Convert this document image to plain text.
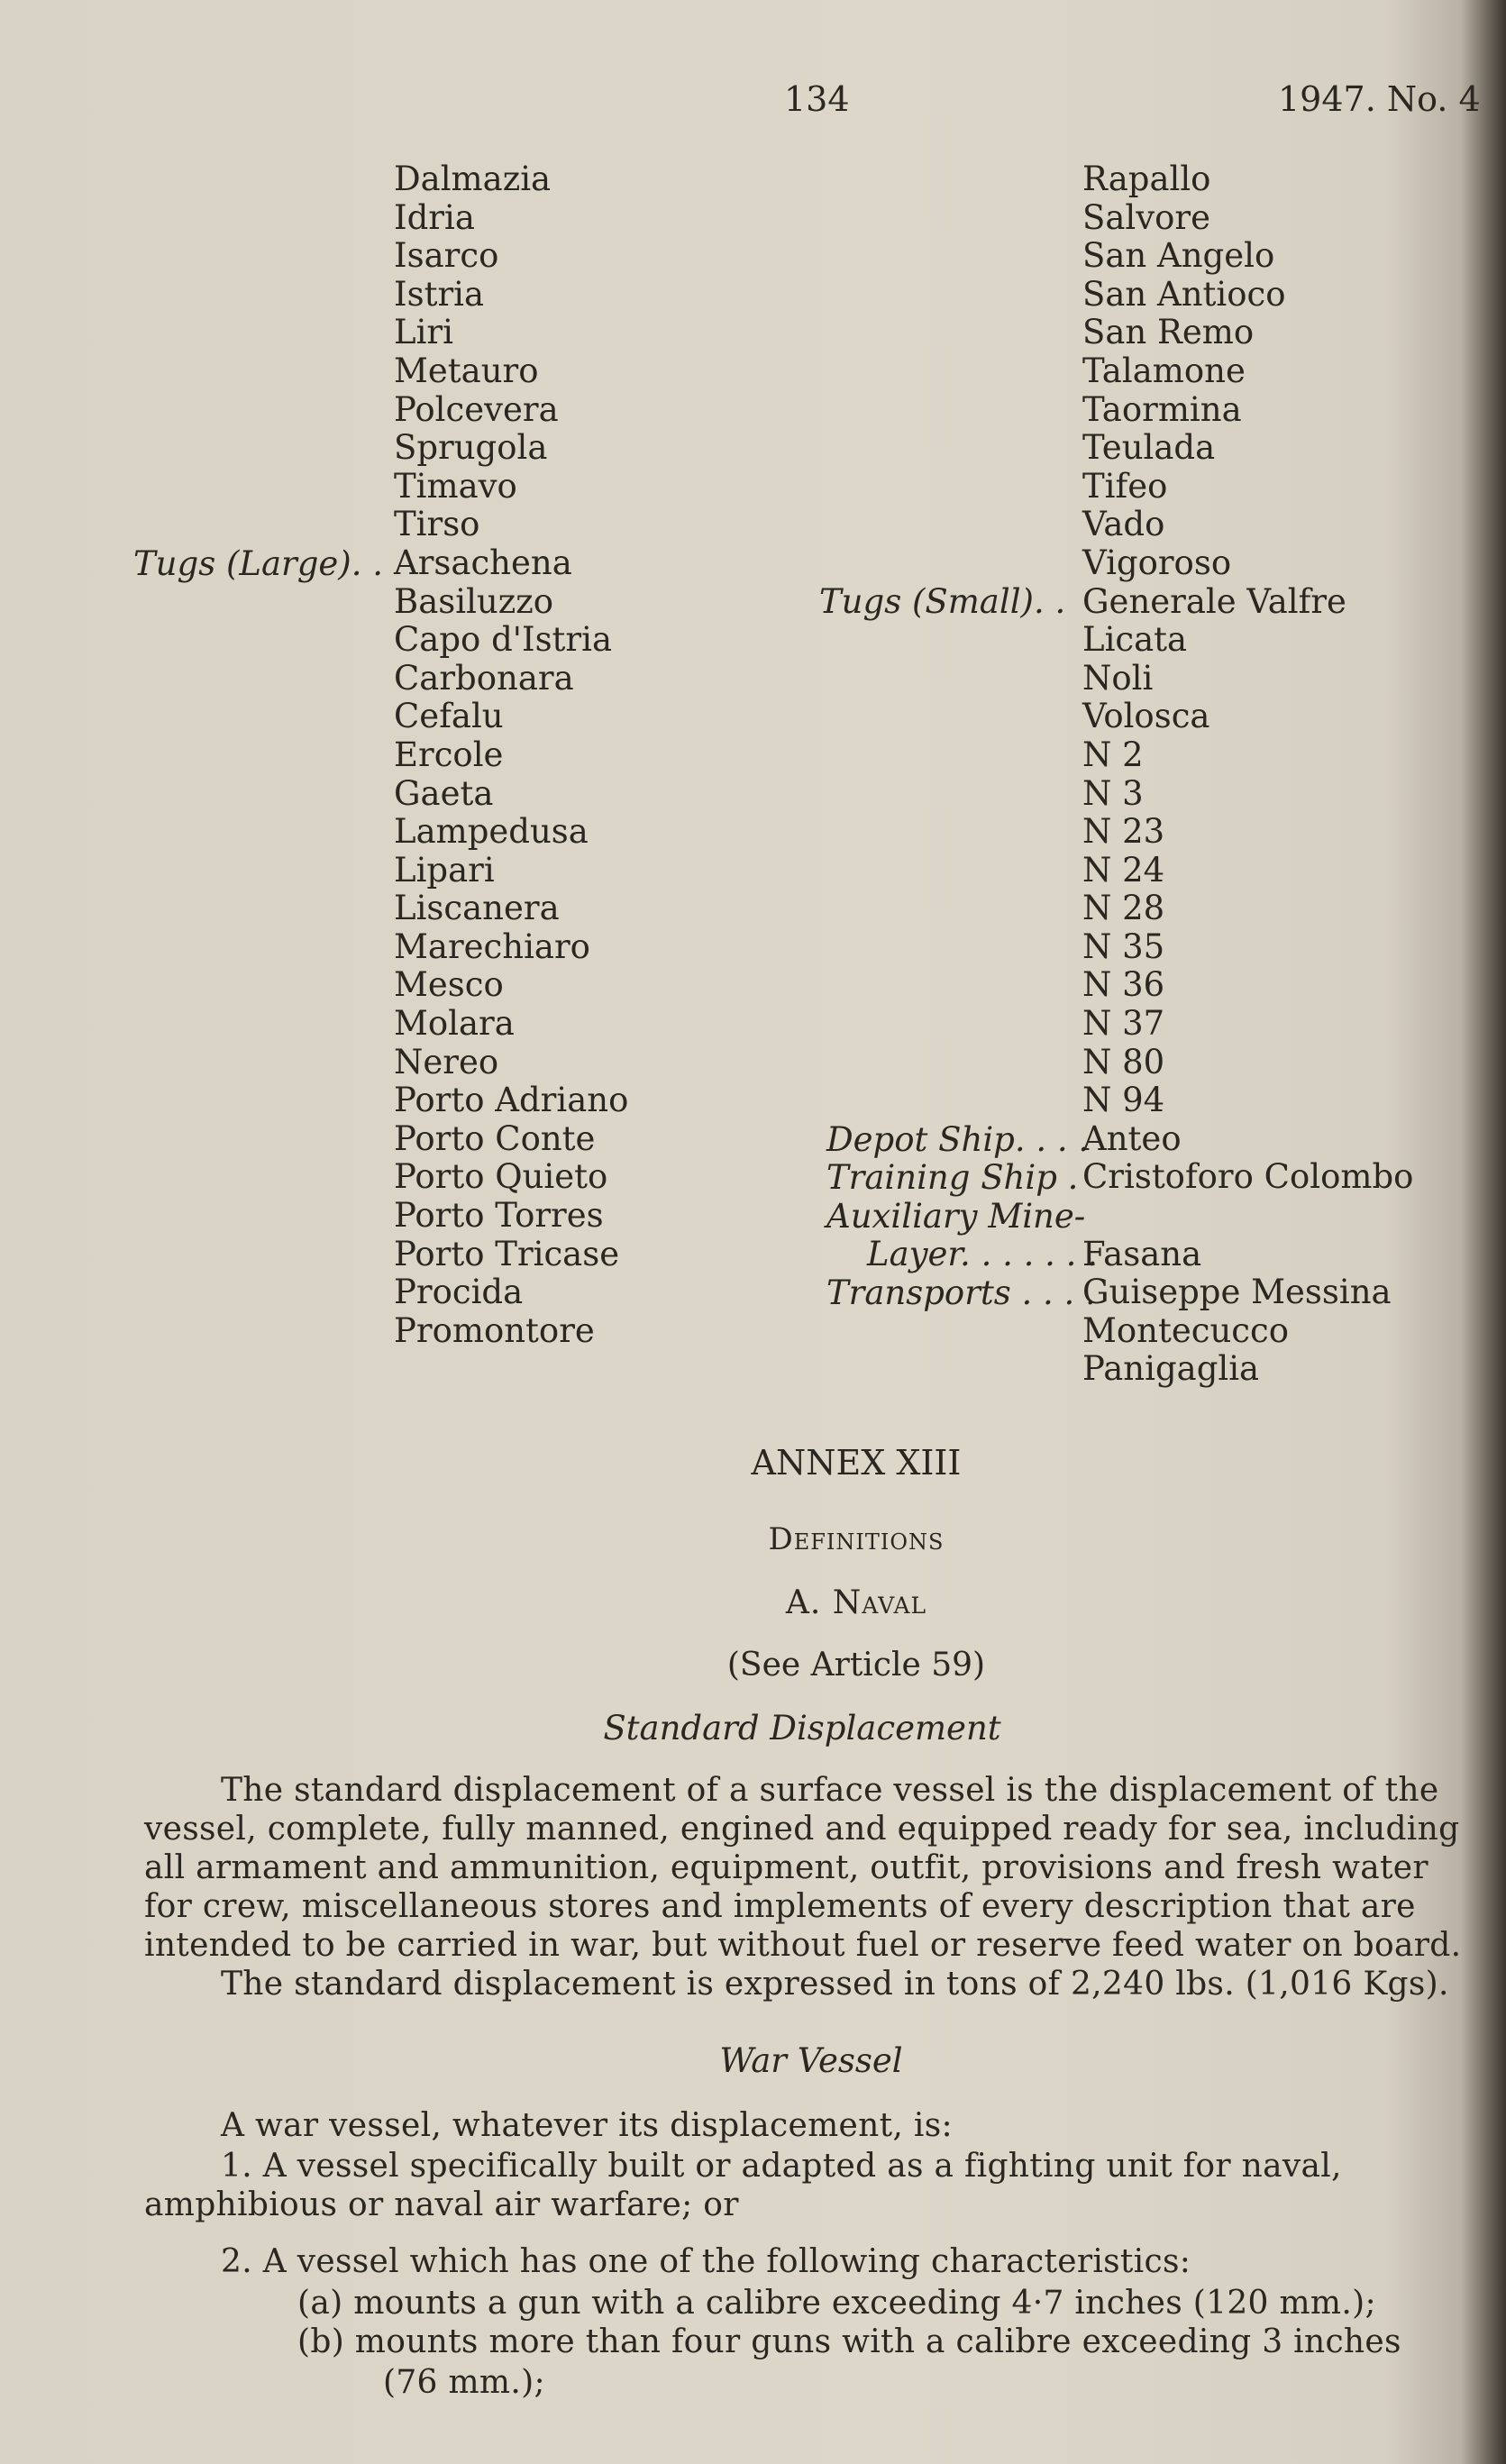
134	1947. No. 4
Dalmazia
Idria
Isarco
Istria
Liri
Metauro
Polcevera
Sprugola
Timavo
Tirso
Arsachena
Basiluzzo
Capo d'Istria
Carbonara
Cefalu
Ercole
Gaeta
Lampedusa
Lipari
Liscanera
Marechiaro
Mesco
Molara
Nereo
Porto Adriano
Porto Conte
Porto Quieto
Porto Torres
Porto Tricase
Procida
Promontore
Tugs (Large). .
Rapallo
Salvore
San Angelo
San Antioco
San Remo
Talamone
Taormina
Teulada
Tifeo
Vado
Vigoroso
Generale Valfre
Licata
Noli
Volosca
N 2
N 3
N 23
N 24
N 28
N 35
N 36
N 37
N 80
N 94
Anteo
Cristoforo Colombo

Fasana
Guiseppe Messina
Montecucco
Panigaglia
Tugs (Small). .
Depot Ship. . . .
Training Ship .
Auxiliary Mine-
Layer. . . . . . .
Transports . . . .
ANNEX XIII
Definitions
A. Naval
(See Article 59)
Standard Displacement
The standard displacement of a surface vessel is the displacement of the
vessel, complete, fully manned, engined and equipped ready for sea, including
all armament and ammunition, equipment, outfit, provisions and fresh water
for crew, miscellaneous stores and implements of every description that are
intended to be carried in war, but without fuel or reserve feed water on board.
The standard displacement is expressed in tons of 2,240 lbs. (1,016 Kgs).
War Vessel
A war vessel, whatever its displacement, is:
1. A vessel specifically built or adapted as a fighting unit for naval,
amphibious or naval air warfare; or
2. A vessel which has one of the following characteristics:
(a) mounts a gun with a calibre exceeding 4·7 inches (120 mm.);
(b) mounts more than four guns with a calibre exceeding 3 inches
(76 mm.);
